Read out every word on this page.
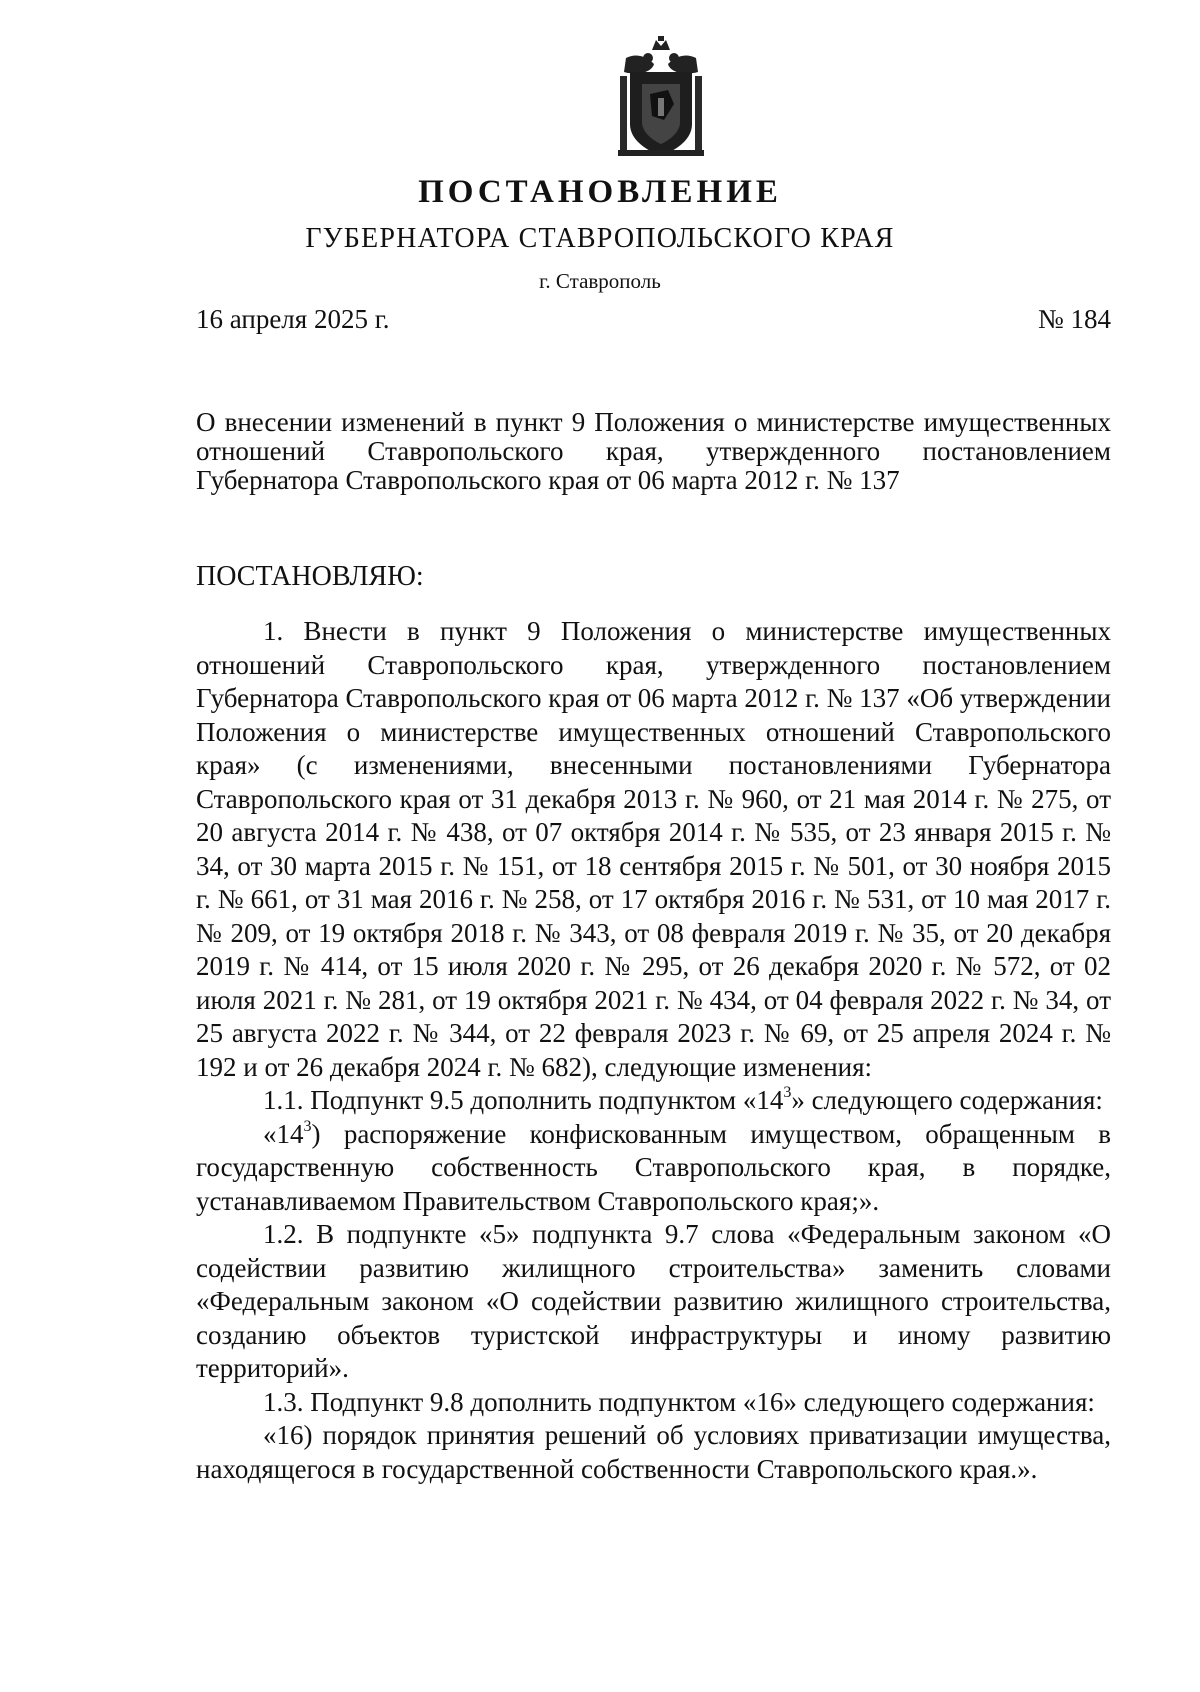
ПОСТАНОВЛЕНИЕ
ГУБЕРНАТОРА СТАВРОПОЛЬСКОГО КРАЯ
г. Ставрополь
16 апреля 2025 г.	№ 184
О внесении изменений в пункт 9 Положения о министерстве имущественных отношений Ставропольского края, утвержденного постановлением Губернатора Ставропольского края от 06 марта 2012 г. № 137
ПОСТАНОВЛЯЮ:

1. Внести в пункт 9 Положения о министерстве имущественных отношений Ставропольского края, утвержденного постановлением Губернатора Ставропольского края от 06 марта 2012 г. № 137 «Об утверждении Положения о министерстве имущественных отношений Ставропольского края» (с изменениями, внесенными постановлениями Губернатора Ставропольского края от 31 декабря 2013 г. № 960, от 21 мая 2014 г. № 275, от 20 августа 2014 г. № 438, от 07 октября 2014 г. № 535, от 23 января 2015 г. № 34, от 30 марта 2015 г. № 151, от 18 сентября 2015 г. № 501, от 30 ноября 2015 г. № 661, от 31 мая 2016 г. № 258, от 17 октября 2016 г. № 531, от 10 мая 2017 г. № 209, от 19 октября 2018 г. № 343, от 08 февраля 2019 г. № 35, от 20 декабря 2019 г. № 414, от 15 июля 2020 г. № 295, от 26 декабря 2020 г. № 572, от 02 июля 2021 г. № 281, от 19 октября 2021 г. № 434, от 04 февраля 2022 г. № 34, от 25 августа 2022 г. № 344, от 22 февраля 2023 г. № 69, от 25 апреля 2024 г. № 192 и от 26 декабря 2024 г. № 682), следующие изменения:

1.1. Подпункт 9.5 дополнить подпунктом «$14^3$» следующего содержания:

«$14^3$) распоряжение конфискованным имуществом, обращенным в государственную собственность Ставропольского края, в порядке, устанавливаемом Правительством Ставропольского края;».

1.2. В подпункте «5» подпункта 9.7 слова «Федеральным законом «О содействии развитию жилищного строительства» заменить словами «Федеральным законом «О содействии развитию жилищного строительства, созданию объектов туристской инфраструктуры и иному развитию территорий».

1.3. Подпункт 9.8 дополнить подпунктом «16» следующего содержания:

«16) порядок принятия решений об условиях приватизации имущества, находящегося в государственной собственности Ставропольского края.».
